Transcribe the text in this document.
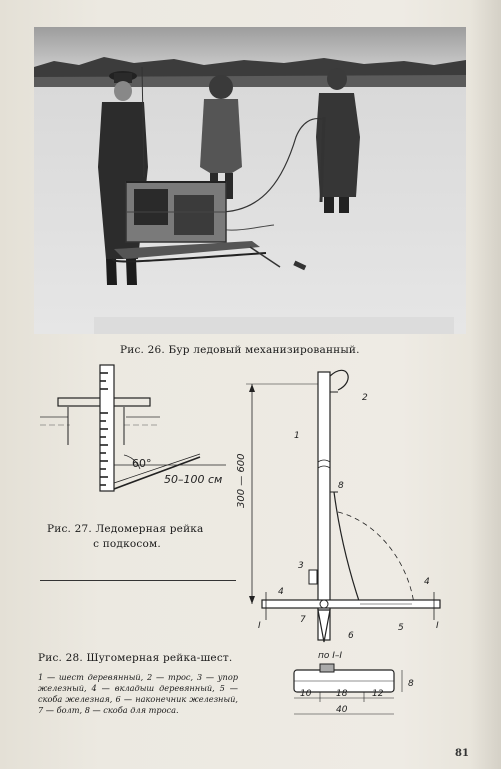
Рис. 26. Бур ледовый механизированный.
60°
50–100 см
Рис. 27. Ледомерная рейка
с подкосом.
Рис. 28. Шугомерная рейка-шест.
1 — шест деревянный, 2 — трос, 3 — упор железный, 4 — вкладыш деревянный, 5 — скоба железная, 6 — наконечник железный, 7 — болт, 8 — скоба для троса.
300 — 600
2
1
8
3
4
5
7
6
I	I
4
по I–I
10	18	12
40
8
81
